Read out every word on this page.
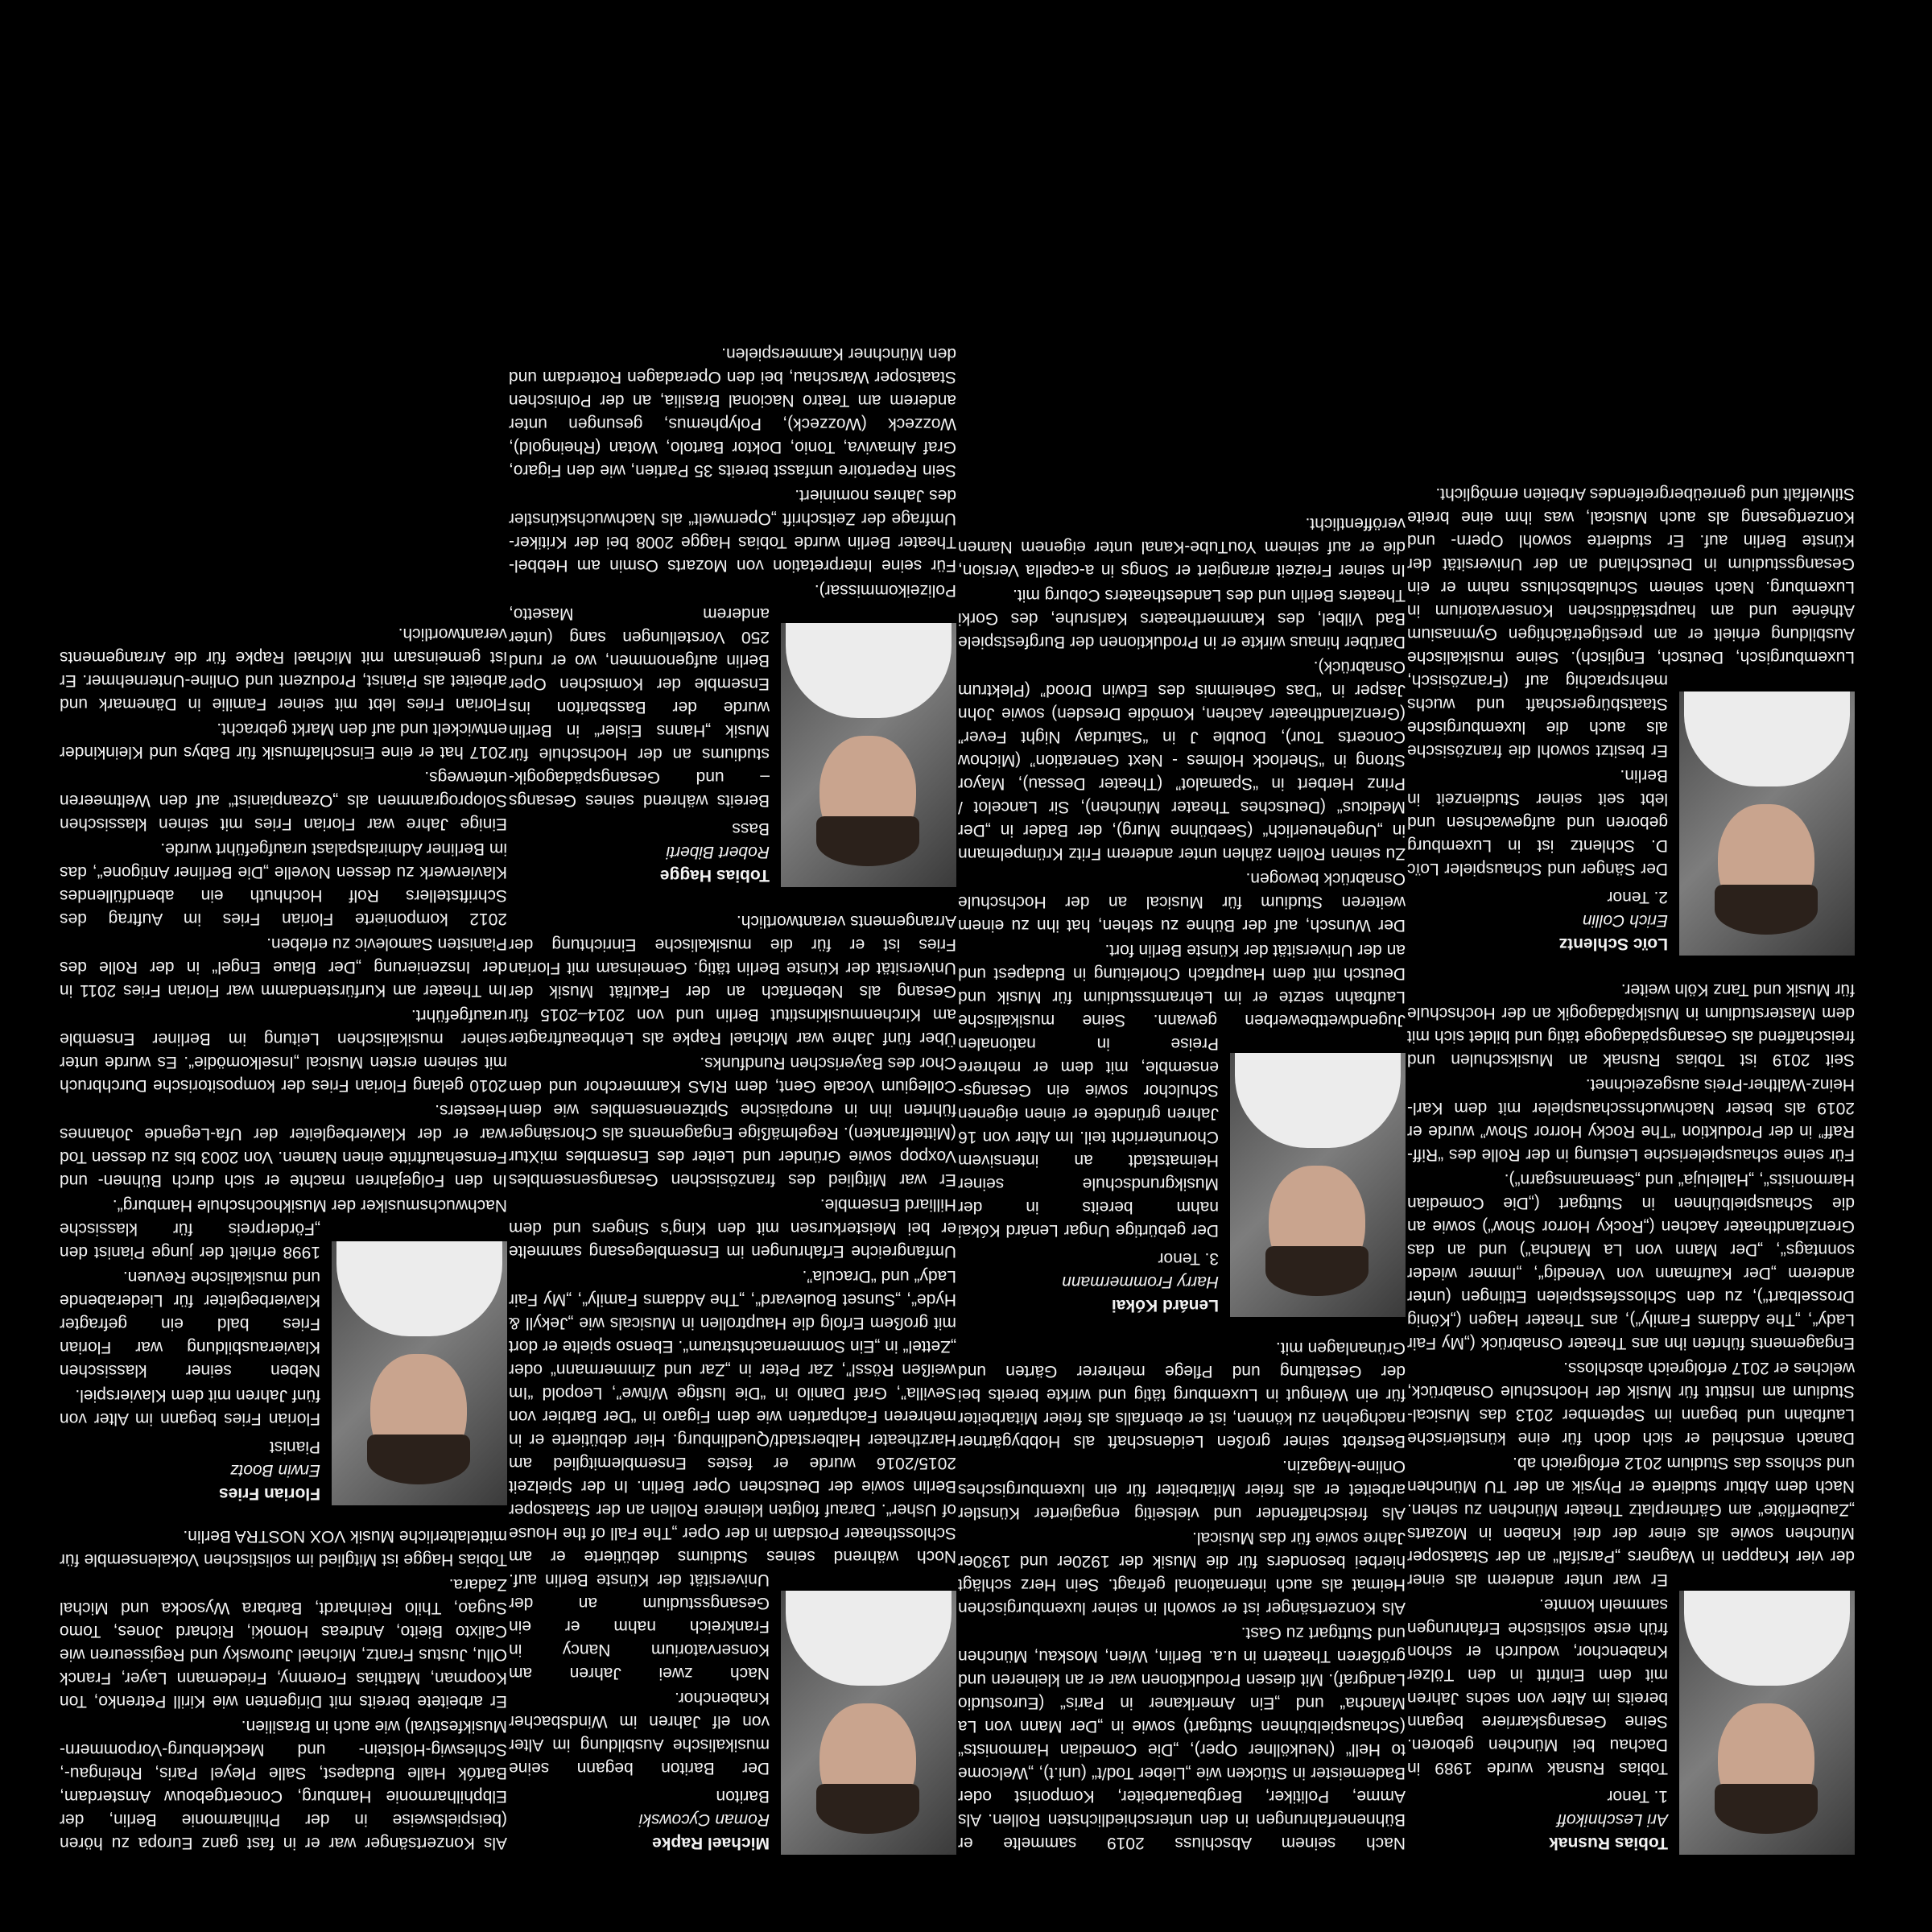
Tobias Rusnak

Ari Leschnikoff

1. Tenor

Tobias Rusnak wurde 1989 in Dachau bei München geboren. Seine Gesangskarriere begann bereits im Alter von sechs Jahren mit dem Eintritt in den Tölzer Knabenchor, wodurch er schon früh erste solistische Erfahrungen sammeln konnte.

Er war unter anderem als einer der vier Knappen in Wagners „Parsifal“ an der Staatsoper München sowie als einer der drei Knaben in Mozarts „Zauberflöte“ am Gärtnerplatz Theater München zu sehen. Nach dem Abitur studierte er Physik an der TU München und schloss das Studium 2012 erfolgreich ab.

Danach entschied er sich doch für eine künstlerische Laufbahn und begann im September 2013 das Musical-Studium am Institut für Musik der Hochschule Osnabrück, welches er 2017 erfolgreich abschloss.

Engagements führten ihn ans Theater Osnabrück („My Fair Lady“, „The Addams Family“), ans Theater Hagen („König Drosselbart“), zu den Schlossfestspielen Ettlingen (unter anderem „Der Kaufmann von Venedig“, „Immer wieder sonntags“, „Der Mann von La Mancha“) und an das Grenzlandtheater Aachen („Rocky Horror Show“) sowie an die Schauspielbühnen in Stuttgart („Die Comedian Harmonists“, „Halleluja“ und „Seemannsgarn“).

Für seine schauspielerische Leistung in der Rolle des “Riff-Raff” in der Produktion “The Rocky Horror Show” wurde er 2019 als bester Nachwuchsschauspieler mit dem Karl-Heinz-Walther-Preis ausgezeichnet.

Seit 2019 ist Tobias Rusnak an Musikschulen und freischaffend als Gesangspädagoge tätig und bildet sich mit dem Masterstudium in Musikpädagogik an der Hochschule für Musik und Tanz Köln weiter.

Loïc Schlentz

Erich Collin

2. Tenor

Der Sänger und Schauspieler Loïc D. Schlentz ist in Luxemburg geboren und aufgewachsen und lebt seit seiner Studienzeit in Berlin.

Er besitzt sowohl die französische als auch die luxemburgische Staatsbürgerschaft und wuchs mehrsprachig auf (Französisch, Luxemburgisch, Deutsch, Englisch). Seine musikalische Ausbildung erhielt er am prestigeträchtigen Gymnasium Athénée und am hauptstädtischen Konservatorium in Luxemburg. Nach seinem Schulabschluss nahm er ein Gesangsstudium in Deutschland an der Universität der Künste Berlin auf. Er studierte sowohl Opern- und Konzertgesang als auch Musical, was ihm eine breite Stilvielfalt und genreübergreifendes Arbeiten ermöglicht.

Nach seinem Abschluss 2019 sammelte er Bühnenerfahrungen in den unterschiedlichsten Rollen. Als Amme, Politiker, Bergbauarbeiter, Komponist oder Bademeister in Stücken wie „Lieber Tod/t“ (uni.t), „Welcome to Hell“ (Neuköllner Oper), „Die Comedian Harmonists“ (Schauspielbühnen Stuttgart) sowie in „Der Mann von La Mancha“ und „Ein Amerikaner in Paris“ (Eurostudio Landgraf). Mit diesen Produktionen war er an kleineren und größeren Theatern in u.a. Berlin, Wien, Moskau, München und Stuttgart zu Gast.

Als Konzertsänger ist er sowohl in seiner luxemburgischen Heimat als auch international gefragt. Sein Herz schlägt hierbei besonders für die Musik der 1920er und 1930er Jahre sowie für das Musical.

Als freischaffender und vielseitig engagierter Künstler arbeitet er als freier Mitarbeiter für ein luxemburgisches Online-Magazin.

Bestrebt seiner großen Leidenschaft als Hobbygärtner nachgehen zu können, ist er ebenfalls als freier Mitarbeiter für ein Weingut in Luxemburg tätig und wirkte bereits bei der Gestaltung und Pflege mehrerer Gärten und Grünanlagen mit.

Lenárd Kókai

Harry Frommermann

3. Tenor

Der gebürtige Ungar Lenárd Kókai nahm bereits in der Musikgrundschule seiner Heimatstadt an intensivem Chorunterricht teil. Im Alter von 16 Jahren gründete er einen eigenen Schulchor sowie ein Gesangs-ensemble, mit dem er mehrere Preise in nationalen Jugendwettbewerben gewann. Seine musikalische Laufbahn setzte er im Lehramtsstudium für Musik und Deutsch mit dem Hauptfach Chorleitung in Budapest und an der Universität der Künste Berlin fort.

Der Wunsch, auf der Bühne zu stehen, hat ihn zu einem weiteren Studium für Musical an der Hochschule Osnabrück bewogen.

Zu seinen Rollen zählen unter anderem Fritz Krümpelmann in „Ungeheuerlich“ (Seebühne Murg), der Bader in „Der Medicus“ (Deutsches Theater München), Sir Lancelot / Prinz Herbert in “Spamalot” (Theater Dessau), Mayor Strong in “Sherlock Holmes - Next Generation” (Michow Concerts Tour), Double J in “Saturday Night Fever” (Grenzlandtheater Aachen, Komödie Dresden) sowie John Jasper in “Das Geheimnis des Edwin Drood” (Plektrum Osnabrück).

Darüber hinaus wirkte er in Produktionen der Burgfestspiele Bad Vilbel, des Kammertheaters Karlsruhe, des Gorki Theaters Berlin und des Landestheaters Coburg mit.

In seiner Freizeit arrangiert er Songs in a-capella Version, die er auf seinem YouTube-Kanal unter eigenem Namen veröffentlicht.

Michael Rapke

Roman Cycowski

Bariton

Der Bariton begann seine musikalische Ausbildung im Alter von elf Jahren im Windsbacher Knabenchor.

Nach zwei Jahren am Konservatorium Nancy in Frankreich nahm er ein Gesangsstudium an der Universität der Künste Berlin auf. Noch während seines Studiums debütierte er am Schlosstheater Potsdam in der Oper „The Fall of the House of Usher“. Darauf folgten kleinere Rollen an der Staatsoper Berlin sowie der Deutschen Oper Berlin. In der Spielzeit 2015/2016 wurde er festes Ensemblemitglied am Harztheater Halberstadt/Quedlinburg. Hier debütierte er in mehreren Fachpartien wie dem Figaro in “Der Barbier von Sevilla”, Graf Danilo in “Die lustige Witwe”, Leopold “Im weißen Rössl”, Zar Peter in „Zar und Zimmermann“ oder „Zettel“ in „Ein Sommernachtstraum“. Ebenso spielte er dort mit großem Erfolg die Hauptrollen in Musicals wie „Jekyll & Hyde“, „Sunset Boulevard“, „The Addams Family“, „My Fair Lady“ und “Dracula”.

Umfangreiche Erfahrungen im Ensemblegesang sammelte er bei Meisterkursen mit den King’s Singers und dem Hilliard Ensemble.

Er war Mitglied des französischen Gesangsensembles Voxpop sowie Gründer und Leiter des Ensembles miXtur (Mittelfranken). Regelmäßige Engagements als Chorsänger führten ihn in europäische Spitzenensembles wie dem Collegium Vocale Gent, dem RIAS Kammerchor und dem Chor des Bayerischen Rundfunks.

Über fünf Jahre war Michael Rapke als Lehrbeauftragter am Kirchenmusikinstitut Berlin und von 2014–2015 für Gesang als Nebenfach an der Fakultät Musik der Universität der Künste Berlin tätig. Gemeinsam mit Florian Fries ist er für die musikalische Einrichtung der Arrangements verantwortlich.

Tobias Hagge

Robert Biberti

Bass

Bereits während seines Gesangs – und Gesangspädagogik-studiums an der Hochschule für Musik „Hanns Eisler“ in Berlin wurde der Bassbariton ins Ensemble der Komischen Oper Berlin aufgenommen, wo er rund 250 Vorstellungen sang (unter anderem Masetto, Polizeikommissar).

Für seine Interpretation von Mozarts Osmin am Hebbel-Theater Berlin wurde Tobias Hagge 2008 bei der Kritiker-Umfrage der Zeitschrift „Opernwelt“ als Nachwuchskünstler des Jahres nominiert.

Sein Repertoire umfasst bereits 35 Partien, wie den Figaro, Graf Almaviva, Tonio, Doktor Bartolo, Wotan (Rheingold), Wozzeck (Wozzeck), Polyphemus, gesungen unter anderem am Teatro Nacional Brasilia, an der Polnischen Staatsoper Warschau, bei den Operadagen Rotterdam und den Münchner Kammerspielen.

Als Konzertsänger war er in fast ganz Europa zu hören (beispielsweise in der Philharmonie Berlin, der Elbphilharmonie Hamburg, Concertgebouw Amsterdam, Bartók Halle Budapest, Salle Pleyel Paris, Rheingau-, Schleswig-Holstein- und Mecklenburg-Vorpommern-Musikfestival) wie auch in Brasilien.

Er arbeitete bereits mit Dirigenten wie Kirill Petrenko, Ton Koopman, Matthias Foremny, Friedemann Layer, Franck Ollu, Justus Frantz, Michael Jurowsky und Regisseuren wie Calixto Bieito, Andreas Homoki, Richard Jones, Tomo Sugao, Thilo Reinhardt, Barbara Wysocka und Michal Zadara.

Tobias Hagge ist Mitglied im solistischen Vokalensemble für mittelalterliche Musik VOX NOSTRA Berlin.

Florian Fries

Erwin Bootz

Pianist

Florian Fries begann im Alter von fünf Jahren mit dem Klavierspiel.

Neben seiner klassischen Klavierausbildung war Florian Fries bald ein gefragter Klavierbegleiter für Liederabende und musikalische Revuen.

1998 erhielt der junge Pianist den „Förderpreis für klassische Nachwuchsmusiker der Musikhochschule Hamburg“.

In den Folgejahren machte er sich durch Bühnen- und Fernsehauftritte einen Namen. Von 2003 bis zu dessen Tod war er der Klavierbegleiter der Ufa-Legende Johannes Heesters.

2010 gelang Florian Fries der kompositorische Durchbruch mit seinem ersten Musical „Inselkomödie“. Es wurde unter seiner musikalischen Leitung im Berliner Ensemble uraufgeführt.

Im Theater am Kurfürstendamm war Florian Fries 2011 in der Inszenierung „Der Blaue Engel“ in der Rolle des Pianisten Samolevic zu erleben.

2012 komponierte Florian Fries im Auftrag des Schriftstellers Rolf Hochhuth ein abendfüllendes Klavierwerk zu dessen Novelle „Die Berliner Antigone“, das im Berliner Admiralspalast uraufgeführt wurde.

Einige Jahre war Florian Fries mit seinen klassischen Soloprogrammen als „Ozeanpianist“ auf den Weltmeeren unterwegs.

2017 hat er eine Einschlafmusik für Babys und Kleinkinder entwickelt und auf den Markt gebracht.

Florian Fries lebt mit seiner Familie in Dänemark und arbeitet als Pianist, Produzent und Online-Unternehmer. Er ist gemeinsam mit Michael Rapke für die Arrangements verantwortlich.
